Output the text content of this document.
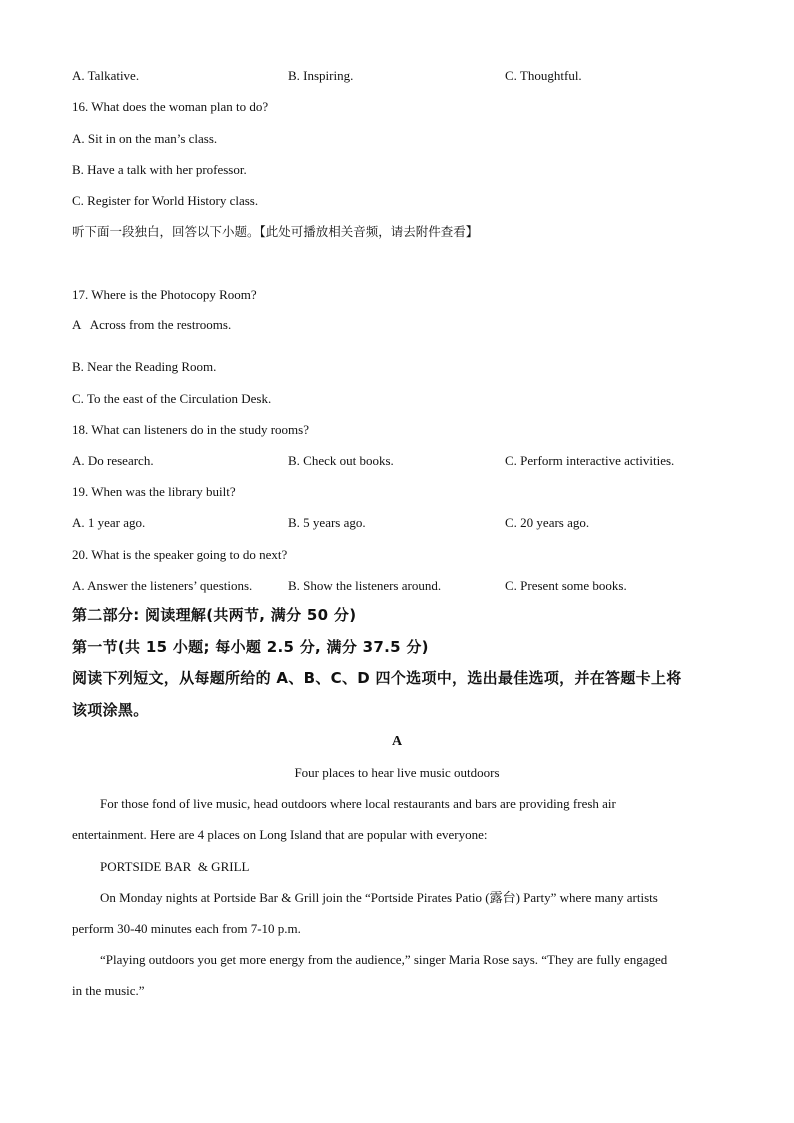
A. Talkative.	B. Inspiring.	C. Thoughtful.
16. What does the woman plan to do?
A. Sit in on the man’s class.
B. Have a talk with her professor.
C. Register for World History class.
听下面一段独白，回答以下小题。【此处可播放相关音频，请去附件查看】
17. Where is the Photocopy Room?
A   Across from the restrooms.
B. Near the Reading Room.
C. To the east of the Circulation Desk.
18. What can listeners do in the study rooms?
A. Do research.	B. Check out books.	C. Perform interactive activities.
19. When was the library built?
A. 1 year ago.	B. 5 years ago.	C. 20 years ago.
20. What is the speaker going to do next?
A. Answer the listeners’ questions.	B. Show the listeners around.	C. Present some books.
第二部分: 阅读理解(共两节, 满分 50 分)
第一节(共 15 小题; 每小题 2.5 分, 满分 37.5 分)
阅读下列短文，从每题所给的 A、B、C、D 四个选项中，选出最佳选项，并在答题卡上将
该项涂黑。
A
Four places to hear live music outdoors
For those fond of live music, head outdoors where local restaurants and bars are providing fresh air
entertainment. Here are 4 places on Long Island that are popular with everyone:
PORTSIDE BAR  & GRILL
On Monday nights at Portside Bar & Grill join the “Portside Pirates Patio (露台) Party” where many artists
perform 30-40 minutes each from 7-10 p.m.
“Playing outdoors you get more energy from the audience,” singer Maria Rose says. “They are fully engaged
in the music.”
